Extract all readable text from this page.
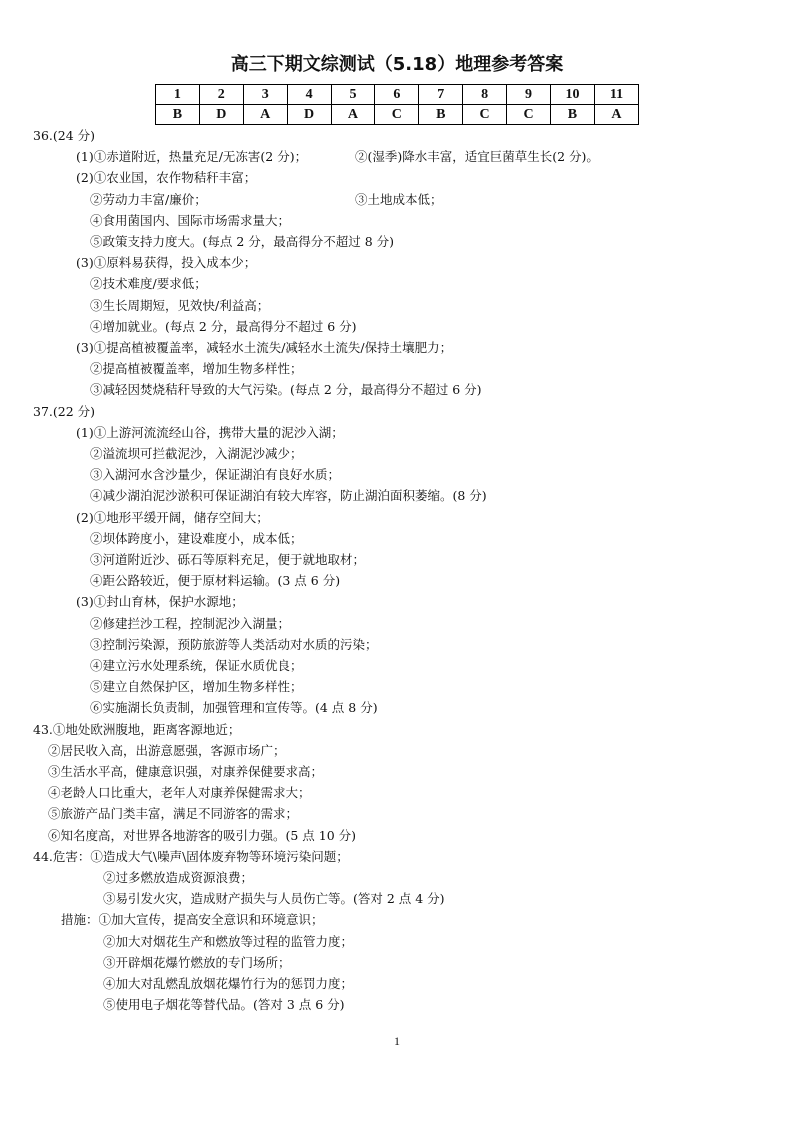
高三下期文综测试（5.18）地理参考答案
1	2	3	4	5	6	7	8	9	10	11
B	D	A	D	A	C	B	C	C	B	A
36.(24 分)
(1)①赤道附近，热量充足/无冻害(2 分)；	②(湿季)降水丰富，适宜巨菌草生长(2 分)。
(2)①农业国，农作物秸秆丰富；
②劳动力丰富/廉价；	③土地成本低；
④食用菌国内、国际市场需求量大；
⑤政策支持力度大。(每点 2 分，最高得分不超过 8 分)
(3)①原料易获得，投入成本少；
②技术难度/要求低；
③生长周期短，见效快/利益高；
④增加就业。(每点 2 分，最高得分不超过 6 分)
(3)①提高植被覆盖率，减轻水土流失/减轻水土流失/保持土壤肥力；
②提高植被覆盖率，增加生物多样性；
③减轻因焚烧秸秆导致的大气污染。(每点 2 分，最高得分不超过 6 分)
37.(22 分)
(1)①上游河流流经山谷，携带大量的泥沙入湖；
②溢流坝可拦截泥沙，入湖泥沙减少；
③入湖河水含沙量少，保证湖泊有良好水质；
④减少湖泊泥沙淤积可保证湖泊有较大库容，防止湖泊面积萎缩。(8 分)
(2)①地形平缓开阔，储存空间大；
②坝体跨度小，建设难度小，成本低；
③河道附近沙、砾石等原料充足，便于就地取材；
④距公路较近，便于原材料运输。(3 点 6 分)
(3)①封山育林，保护水源地；
②修建拦沙工程，控制泥沙入湖量；
③控制污染源，预防旅游等人类活动对水质的污染；
④建立污水处理系统，保证水质优良；
⑤建立自然保护区，增加生物多样性；
⑥实施湖长负责制，加强管理和宣传等。(4 点 8 分)
43.①地处欧洲腹地，距离客源地近；
②居民收入高，出游意愿强，客源市场广；
③生活水平高，健康意识强，对康养保健要求高；
④老龄人口比重大，老年人对康养保健需求大；
⑤旅游产品门类丰富，满足不同游客的需求；
⑥知名度高，对世界各地游客的吸引力强。(5 点 10 分)
44.危害：①造成大气\噪声\固体废弃物等环境污染问题；
②过多燃放造成资源浪费；
③易引发火灾，造成财产损失与人员伤亡等。(答对 2 点 4 分)
措施：①加大宣传，提高安全意识和环境意识；
②加大对烟花生产和燃放等过程的监管力度；
③开辟烟花爆竹燃放的专门场所；
④加大对乱燃乱放烟花爆竹行为的惩罚力度；
⑤使用电子烟花等替代品。(答对 3 点 6 分)
1
